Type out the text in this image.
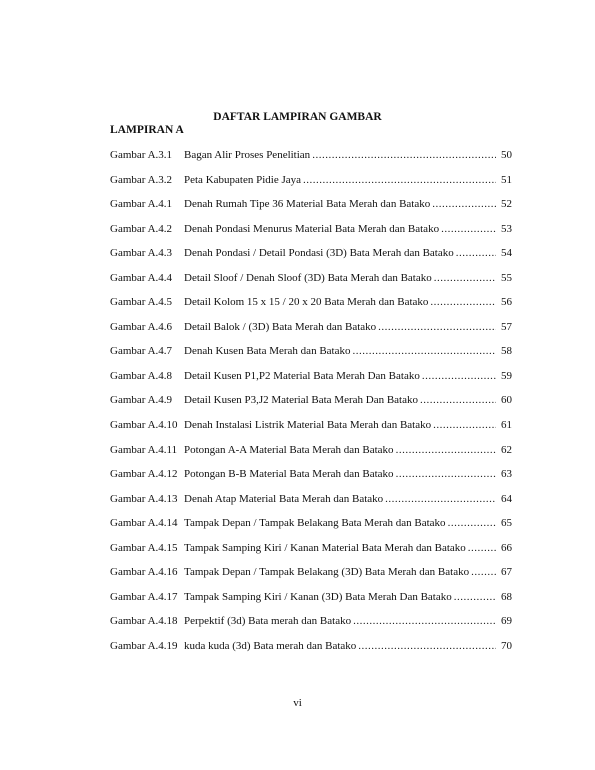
DAFTAR LAMPIRAN GAMBAR
LAMPIRAN A
Gambar A.3.1	Bagan Alir Proses Penelitian .....	50
Gambar A.3.2	Peta Kabupaten Pidie Jaya .....	51
Gambar A.4.1	Denah Rumah Tipe 36 Material Bata Merah dan Batako .....	52
Gambar A.4.2	Denah Pondasi Menurus Material Bata Merah dan Batako .....	53
Gambar A.4.3	Denah Pondasi / Detail Pondasi (3D) Bata Merah dan Batako .....	54
Gambar A.4.4	Detail Sloof / Denah Sloof (3D) Bata Merah dan Batako .....	55
Gambar A.4.5	Detail Kolom 15 x 15 / 20 x 20 Bata Merah dan Batako .....	56
Gambar A.4.6	Detail Balok / (3D) Bata Merah dan Batako .....	57
Gambar A.4.7	Denah Kusen Bata Merah dan Batako .....	58
Gambar A.4.8	Detail Kusen P1,P2 Material Bata Merah Dan Batako .....	59
Gambar A.4.9	Detail Kusen P3,J2 Material Bata Merah Dan Batako .....	60
Gambar A.4.10 Denah Instalasi Listrik Material Bata Merah dan Batako .....	61
Gambar A.4.11 Potongan A-A Material Bata Merah dan Batako .....	62
Gambar A.4.12 Potongan B-B Material Bata Merah dan Batako .....	63
Gambar A.4.13 Denah Atap Material Bata Merah dan Batako .....	64
Gambar A.4.14 Tampak Depan / Tampak Belakang Bata Merah dan Batako .....	65
Gambar A.4.15 Tampak Samping Kiri / Kanan Material Bata Merah dan Batako .....	66
Gambar A.4.16 Tampak Depan / Tampak Belakang (3D) Bata Merah dan Batako .....	67
Gambar A.4.17 Tampak Samping Kiri / Kanan (3D) Bata Merah Dan Batako .....	68
Gambar A.4.18 Perpektif (3d) Bata merah dan Batako .....	69
Gambar A.4.19 kuda kuda (3d) Bata merah dan Batako .....	70

vi
